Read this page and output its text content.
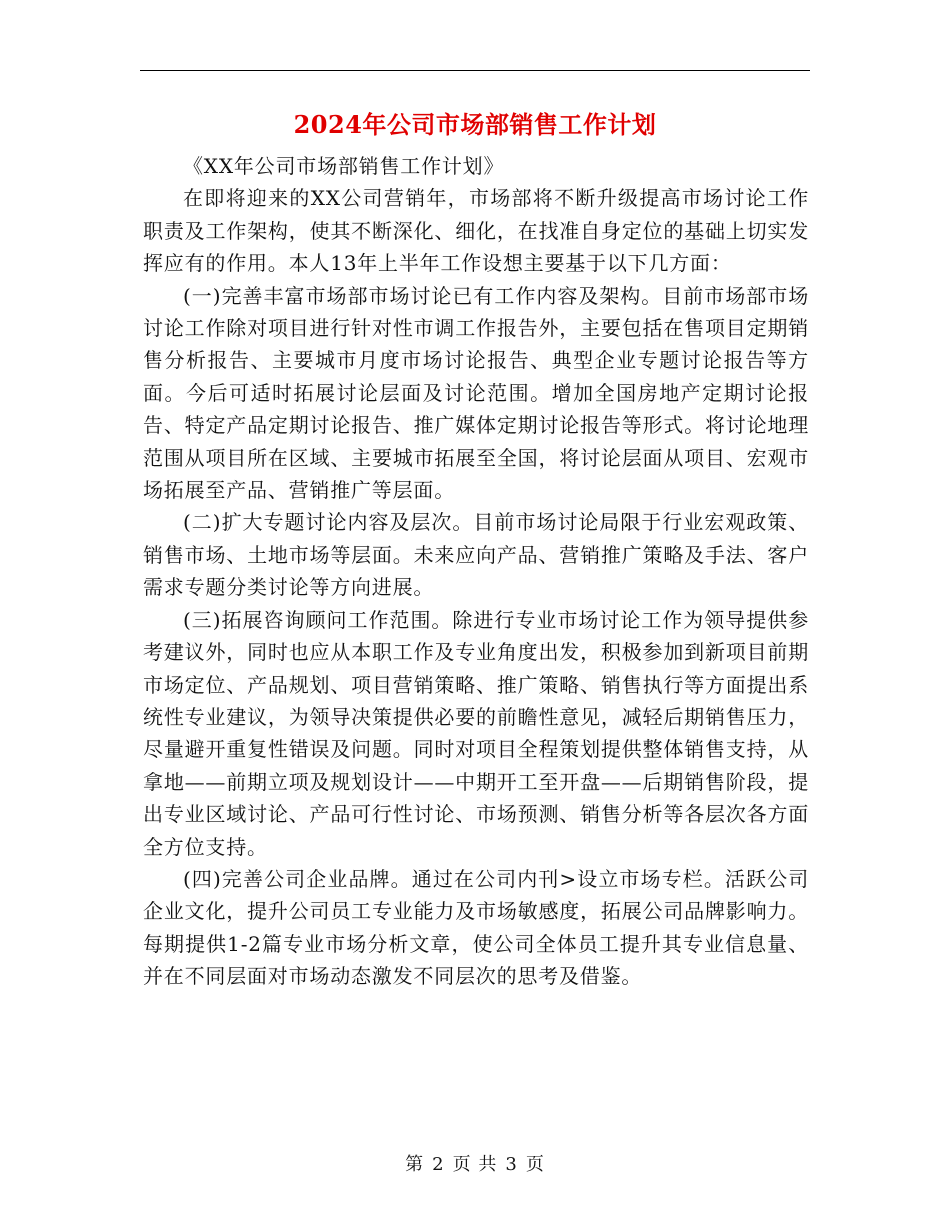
2024年公司市场部销售工作计划

《XX年公司市场部销售工作计划》

在即将迎来的XX公司营销年，市场部将不断升级提高市场讨论工作职责及工作架构，使其不断深化、细化，在找准自身定位的基础上切实发挥应有的作用。本人13年上半年工作设想主要基于以下几方面：

(一)完善丰富市场部市场讨论已有工作内容及架构。目前市场部市场讨论工作除对项目进行针对性市调工作报告外，主要包括在售项目定期销售分析报告、主要城市月度市场讨论报告、典型企业专题讨论报告等方面。今后可适时拓展讨论层面及讨论范围。增加全国房地产定期讨论报告、特定产品定期讨论报告、推广媒体定期讨论报告等形式。将讨论地理范围从项目所在区域、主要城市拓展至全国，将讨论层面从项目、宏观市场拓展至产品、营销推广等层面。

(二)扩大专题讨论内容及层次。目前市场讨论局限于行业宏观政策、销售市场、土地市场等层面。未来应向产品、营销推广策略及手法、客户需求专题分类讨论等方向进展。

(三)拓展咨询顾问工作范围。除进行专业市场讨论工作为领导提供参考建议外，同时也应从本职工作及专业角度出发，积极参加到新项目前期市场定位、产品规划、项目营销策略、推广策略、销售执行等方面提出系统性专业建议，为领导决策提供必要的前瞻性意见，减轻后期销售压力，尽量避开重复性错误及问题。同时对项目全程策划提供整体销售支持，从拿地——前期立项及规划设计——中期开工至开盘——后期销售阶段，提出专业区域讨论、产品可行性讨论、市场预测、销售分析等各层次各方面全方位支持。

(四)完善公司企业品牌。通过在公司内刊>设立市场专栏。活跃公司企业文化，提升公司员工专业能力及市场敏感度，拓展公司品牌影响力。每期提供1-2篇专业市场分析文章，使公司全体员工提升其专业信息量、并在不同层面对市场动态激发不同层次的思考及借鉴。

第 2 页 共 3 页
